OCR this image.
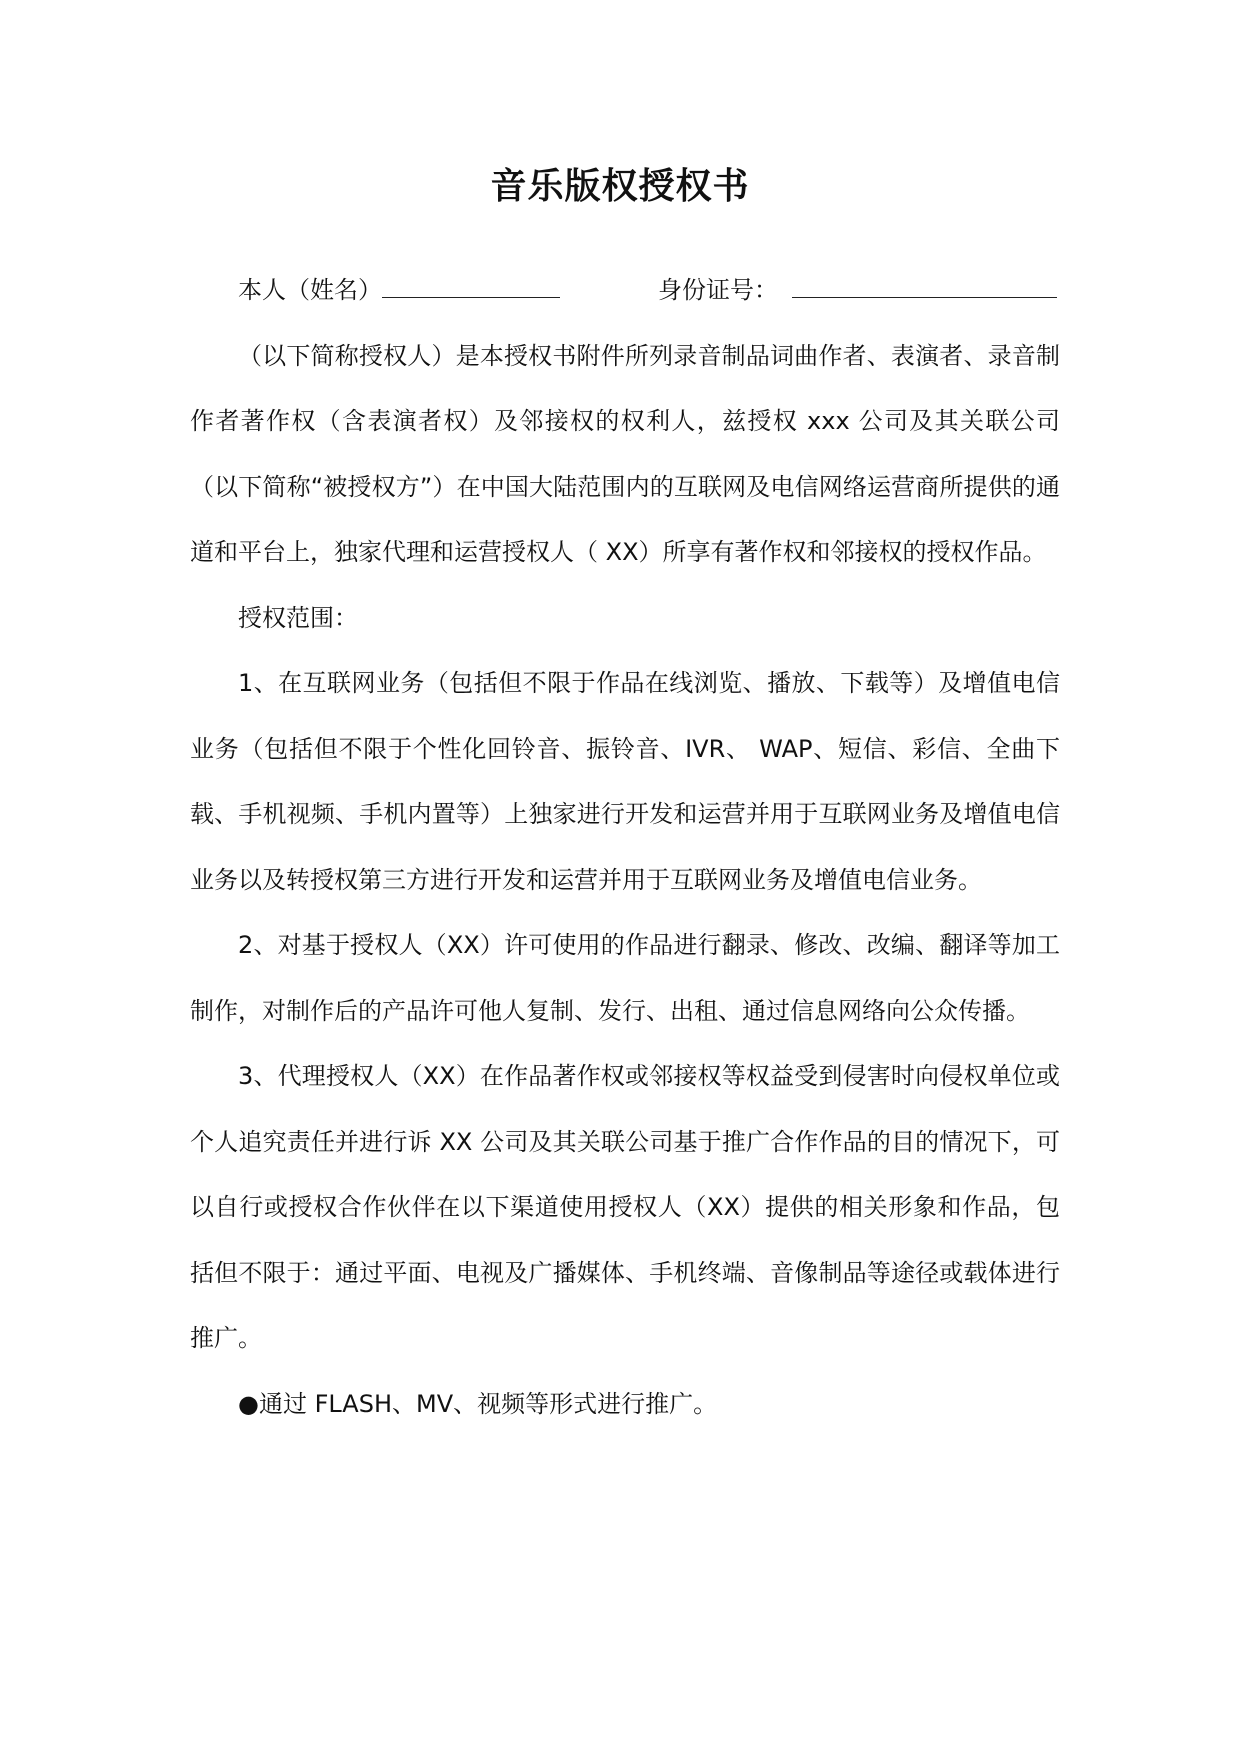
音乐版权授权书
本人（姓名）	身份证号：

（以下简称授权人）是本授权书附件所列录音制品词曲作者、表演者、录音制作者著作权（含表演者权）及邻接权的权利人，兹授权 xxx 公司及其关联公司（以下简称“被授权方”）在中国大陆范围内的互联网及电信网络运营商所提供的通道和平台上，独家代理和运营授权人（ XX）所享有著作权和邻接权的授权作品。

授权范围：

1、在互联网业务（包括但不限于作品在线浏览、播放、下载等）及增值电信业务（包括但不限于个性化回铃音、振铃音、IVR、 WAP、短信、彩信、全曲下载、手机视频、手机内置等）上独家进行开发和运营并用于互联网业务及增值电信业务以及转授权第三方进行开发和运营并用于互联网业务及增值电信业务。

2、对基于授权人（XX）许可使用的作品进行翻录、修改、改编、翻译等加工制作，对制作后的产品许可他人复制、发行、出租、通过信息网络向公众传播。

3、代理授权人（XX）在作品著作权或邻接权等权益受到侵害时向侵权单位或个人追究责任并进行诉 XX 公司及其关联公司基于推广合作作品的目的情况下，可以自行或授权合作伙伴在以下渠道使用授权人（XX）提供的相关形象和作品，包括但不限于：通过平面、电视及广播媒体、手机终端、音像制品等途径或载体进行推广。

●通过 FLASH、MV、视频等形式进行推广。
